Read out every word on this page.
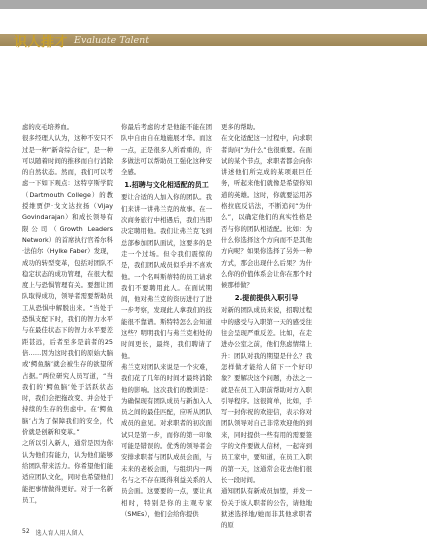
识人排才 Evaluate Talent

虑的皮毛培养血。

很多经理人认为，这种不安只不过是一种“新奇综合征”，是一种可以随着时间的推移而自行消除的自然状态。然而，我们可以考虑一下如下观点：这特亨斯学院（Dartmouth College）的教授维贾伊·戈文达拉扬（Vijay Govindarajan）和成长领导有限公司（Growth Leaders Network）的首席执行官希尔科·法伯尔（Hylke Faber）发现，成功的转型变革，包括对团队不稳定状态的成功管理，在很大程度上与恐惧管理有关。要想让团队取得成功，领导者需要帮助员工从恐惧中解脱出来。“当处于恐惧支配下时，我们的智力水平与在最佳状态下的智力水平要差距甚远，后者至多是前者的25倍……因为这时我们的原始大脑或‘鳄鱼脑’就会被生存的欲望所占据。”两位研究人员写道，“当我们的‘鳄鱼脑’处于活跃状态时，我们会把拖改变、并会处于持续的生存的焦虑中。在‘鳄鱼脑’占为了保障我们的安全，代价就是创新和变革。”

之所以引入新人，通常是因为你认为他们有能力，认为他们能够给团队带来活力。你希望他们能适应团队文化，同时也希望他们能把事情做得更好。对于一名新员工，

你最后考虑的才是他能不能在团队中自由自在地施展才华。而这一点，正是很多人所看重的，许多做法可以帮助员工强化这种安全感。

1.招聘与文化相适配的员工

要让合适的人加入你的团队。我们来讲一讲弗兰克的故事。在一次商务旅行中相遇后，我们当即决定聘用他。我们让弗兰克飞到总部参加团队面试，这要多的是走一个过场。但令我们震惊的是，我们团队成员似乎并不喜欢他。一个名叫斯蒂特的员工请求我们不要聘用此人。在面试期间，他对弗兰克的资历进行了进一步考察，发现此人拿我们的技能很不靠谱。斯特特怎么会知道这些？明明我们与弗兰克相处的时间更长，最终，我们聘请了他。

弗兰克对团队来说是一个灾难，我们花了几年的时间才最终消除他的影响。这次我们的教训是：为确保现有团队成员与新加入人员之间的最佳匹配，应听从团队成员的意见。对求职者的初次面试只是第一步，而你的第一印象可能是错误的。优秀的领导者会安排求职者与团队成员会面，与未来的老板会面，与组织内一两名与之不存在既得利益关系的人员会面。这要要的一点，要让真相时，特别是你的主观专家（SMEs），他们会给你提供

更多的帮助。

在文化适配这一过程中，向求职者询问“为什么”也很重要。在面试的某个节点，求职者都会向你讲述他们所完成的某项艰巨任务，听起来他们就像是希望你知道的英雄。这时，你就要运用苏格拉底反诘法，不断追问“为什么”，以确定他们的真实性格是否与你的团队相适配。比如：为什么你选择这个方向而不是其他方向呢？如果你选择了另外一种方式，那会出现什么后果？为什么你的价值体系会让你在那个时候那样做？

2.提前提供入职引导

对新的团队成员来说，招聘过程中的感受与入职第一天的感受往往会呈现严重反差。比如，在走进办公室之前，他们焦虑情绪上升：团队对我的期望是什么？我怎样做才能给人留下一个好印象？要解决这个问题，办法之一就是在员工入职前帮助对方入职引导程序。这很简单，比如，手写一封你祝的欢迎信，表示你对团队领导对自己非常欢迎他的到来，同时提供一些有用的需要签字的文件要做人信材，一起寄到员工家中，要知道，在员工入职的第一天，这通常会花去他们很长一段时间。

通知团队有新成员加盟，并发一份关于该人职者的公告，请他地狱述选择地/她而非其他求职者的原

52 选人育人用人留人
